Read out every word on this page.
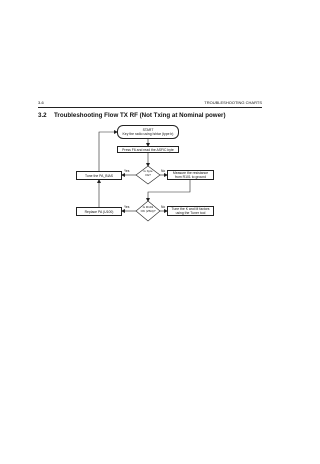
3-6	TROUBLESHOOTING CHARTS
3.2 Troubleshooting Flow TX RF (Not Txing at Nominal power)
START
Key the radio using Ishtar (type b)
Press F6 and read the ASFIC byte
Is byte
Ok?
Yes	No
Tune the PA_BIAS
Measure the resistance
from R101 to ground
Is R101
OK (25Ω)?
Yes	No
Replace PA (U100)
Tune the K and M factors
using the Tuner tool
